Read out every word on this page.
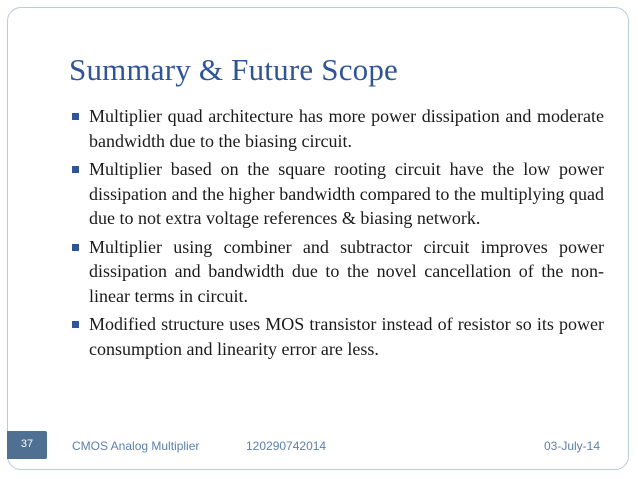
Summary & Future Scope
Multiplier quad architecture has more power dissipation and moderate bandwidth due to the biasing circuit.
Multiplier based on the square rooting circuit have the low power dissipation and the higher bandwidth compared to the multiplying quad due to not extra voltage references & biasing network.
Multiplier using combiner and subtractor circuit improves power dissipation and bandwidth due to the novel cancellation of the non-linear terms in circuit.
Modified structure uses MOS transistor instead of resistor so its power consumption and linearity error are less.
37	CMOS Analog Multiplier	120290742014	03-July-14
